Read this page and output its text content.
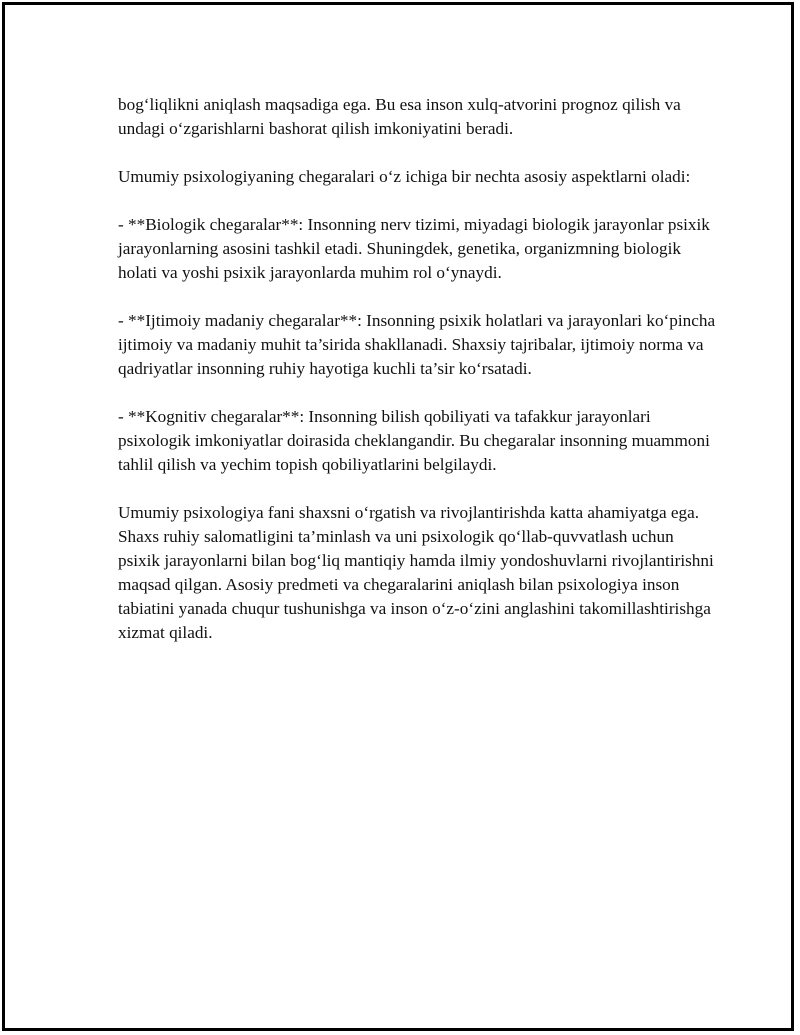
bog‘liqlikni aniqlash maqsadiga ega. Bu esa inson xulq-atvorini prognoz qilish va undagi o‘zgarishlarni bashorat qilish imkoniyatini beradi.

Umumiy psixologiyaning chegaralari o‘z ichiga bir nechta asosiy aspektlarni oladi:

- **Biologik chegaralar**: Insonning nerv tizimi, miyadagi biologik jarayonlar psixik jarayonlarning asosini tashkil etadi. Shuningdek, genetika, organizmning biologik holati va yoshi psixik jarayonlarda muhim rol o‘ynaydi.

- **Ijtimoiy madaniy chegaralar**: Insonning psixik holatlari va jarayonlari ko‘pincha ijtimoiy va madaniy muhit ta’sirida shakllanadi. Shaxsiy tajribalar, ijtimoiy norma va qadriyatlar insonning ruhiy hayotiga kuchli ta’sir ko‘rsatadi.

- **Kognitiv chegaralar**: Insonning bilish qobiliyati va tafakkur jarayonlari psixologik imkoniyatlar doirasida cheklangandir. Bu chegaralar insonning muammoni tahlil qilish va yechim topish qobiliyatlarini belgilaydi.

Umumiy psixologiya fani shaxsni o‘rgatish va rivojlantirishda katta ahamiyatga ega. Shaxs ruhiy salomatligini ta’minlash va uni psixologik qo‘llab-quvvatlash uchun psixik jarayonlarni bilan bog‘liq mantiqiy hamda ilmiy yondoshuvlarni rivojlantirishni maqsad qilgan. Asosiy predmeti va chegaralarini aniqlash bilan psixologiya inson tabiatini yanada chuqur tushunishga va inson o‘z-o‘zini anglashini takomillashtirishga xizmat qiladi.
